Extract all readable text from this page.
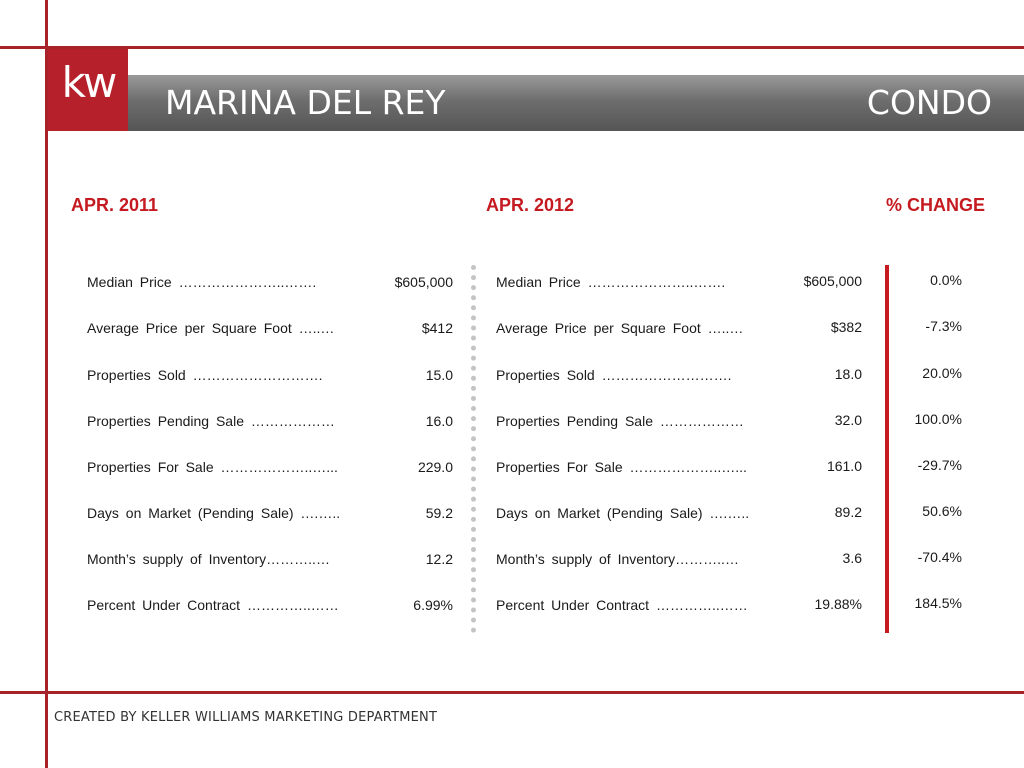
kw MARINA DEL REY	CONDO
APR. 2011	APR. 2012	% CHANGE
Median Price …………………..…….	$605,000	Median Price …………………..…….	$605,000	0.0%
Average Price per Square Foot …..…	$412	Average Price per Square Foot …..…	$382	-7.3%
Properties Sold ……………………….	15.0	Properties Sold ……………………….	18.0	20.0%
Properties Pending Sale ………………	16.0	Properties Pending Sale ………………	32.0	100.0%
Properties For Sale ………………..…...	229.0	Properties For Sale ………………..…...	161.0	-29.7%
Days on Market (Pending Sale) ….…..	59.2	Days on Market (Pending Sale) ….…..	89.2	50.6%
Month’s supply of Inventory………..…	12.2	Month’s supply of Inventory………..…	3.6	-70.4%
Percent Under Contract …………..……	6.99%	Percent Under Contract …………..……	19.88%	184.5%
CREATED BY KELLER WILLIAMS MARKETING DEPARTMENT
